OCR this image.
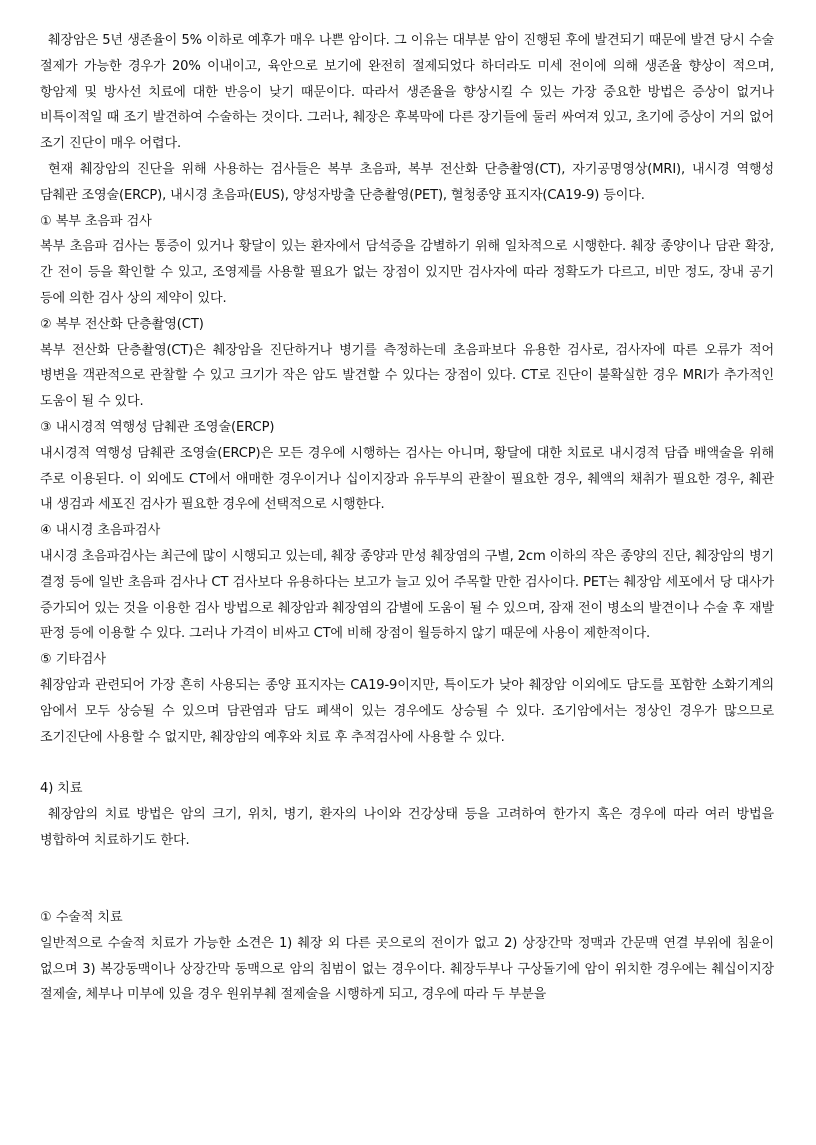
췌장암은 5년 생존율이 5% 이하로 예후가 매우 나쁜 암이다. 그 이유는 대부분 암이 진행된 후에 발견되기 때문에 발견 당시 수술 절제가 가능한 경우가 20% 이내이고, 육안으로 보기에 완전히 절제되었다 하더라도 미세 전이에 의해 생존율 향상이 적으며, 항암제 및 방사선 치료에 대한 반응이 낮기 때문이다. 따라서 생존율을 향상시킬 수 있는 가장 중요한 방법은 증상이 없거나 비특이적일 때 조기 발견하여 수술하는 것이다. 그러나, 췌장은 후복막에 다른 장기들에 둘러 싸여져 있고, 초기에 증상이 거의 없어 조기 진단이 매우 어렵다.

현재 췌장암의 진단을 위해 사용하는 검사들은 복부 초음파, 복부 전산화 단층촬영(CT), 자기공명영상(MRI), 내시경 역행성 담췌관 조영술(ERCP), 내시경 초음파(EUS), 양성자방출 단층촬영(PET), 혈청종양 표지자(CA19-9) 등이다.

① 복부 초음파 검사

복부 초음파 검사는 통증이 있거나 황달이 있는 환자에서 담석증을 감별하기 위해 일차적으로 시행한다. 췌장 종양이나 담관 확장, 간 전이 등을 확인할 수 있고, 조영제를 사용할 필요가 없는 장점이 있지만 검사자에 따라 정확도가 다르고, 비만 정도, 장내 공기 등에 의한 검사 상의 제약이 있다.

② 복부 전산화 단층촬영(CT)

복부 전산화 단층촬영(CT)은 췌장암을 진단하거나 병기를 측정하는데 초음파보다 유용한 검사로, 검사자에 따른 오류가 적어 병변을 객관적으로 관찰할 수 있고 크기가 작은 암도 발견할 수 있다는 장점이 있다. CT로 진단이 불확실한 경우 MRI가 추가적인 도움이 될 수 있다.

③ 내시경적 역행성 담췌관 조영술(ERCP)

내시경적 역행성 담췌관 조영술(ERCP)은 모든 경우에 시행하는 검사는 아니며, 황달에 대한 치료로 내시경적 담즙 배액술을 위해 주로 이용된다. 이 외에도 CT에서 애매한 경우이거나 십이지장과 유두부의 관찰이 필요한 경우, 췌액의 채취가 필요한 경우, 췌관 내 생검과 세포진 검사가 필요한 경우에 선택적으로 시행한다.

④ 내시경 초음파검사

내시경 초음파검사는 최근에 많이 시행되고 있는데, 췌장 종양과 만성 췌장염의 구별, 2cm 이하의 작은 종양의 진단, 췌장암의 병기 결정 등에 일반 초음파 검사나 CT 검사보다 유용하다는 보고가 늘고 있어 주목할 만한 검사이다. PET는 췌장암 세포에서 당 대사가 증가되어 있는 것을 이용한 검사 방법으로 췌장암과 췌장염의 감별에 도움이 될 수 있으며, 잠재 전이 병소의 발견이나 수술 후 재발 판정 등에 이용할 수 있다. 그러나 가격이 비싸고 CT에 비해 장점이 월등하지 않기 때문에 사용이 제한적이다.

⑤ 기타검사

췌장암과 관련되어 가장 흔히 사용되는 종양 표지자는 CA19-9이지만, 특이도가 낮아 췌장암 이외에도 담도를 포함한 소화기계의 암에서 모두 상승될 수 있으며 담관염과 담도 폐색이 있는 경우에도 상승될 수 있다. 조기암에서는 정상인 경우가 많으므로 조기진단에 사용할 수 없지만, 췌장암의 예후와 치료 후 추적검사에 사용할 수 있다.

4) 치료

췌장암의 치료 방법은 암의 크기, 위치, 병기, 환자의 나이와 건강상태 등을 고려하여 한가지 혹은 경우에 따라 여러 방법을 병합하여 치료하기도 한다.

① 수술적 치료

일반적으로 수술적 치료가 가능한 소견은 1) 췌장 외 다른 곳으로의 전이가 없고 2) 상장간막 정맥과 간문맥 연결 부위에 침윤이 없으며 3) 복강동맥이나 상장간막 동맥으로 암의 침범이 없는 경우이다. 췌장두부나 구상돌기에 암이 위치한 경우에는 췌십이지장 절제술, 체부나 미부에 있을 경우 원위부췌 절제술을 시행하게 되고, 경우에 따라 두 부분을
